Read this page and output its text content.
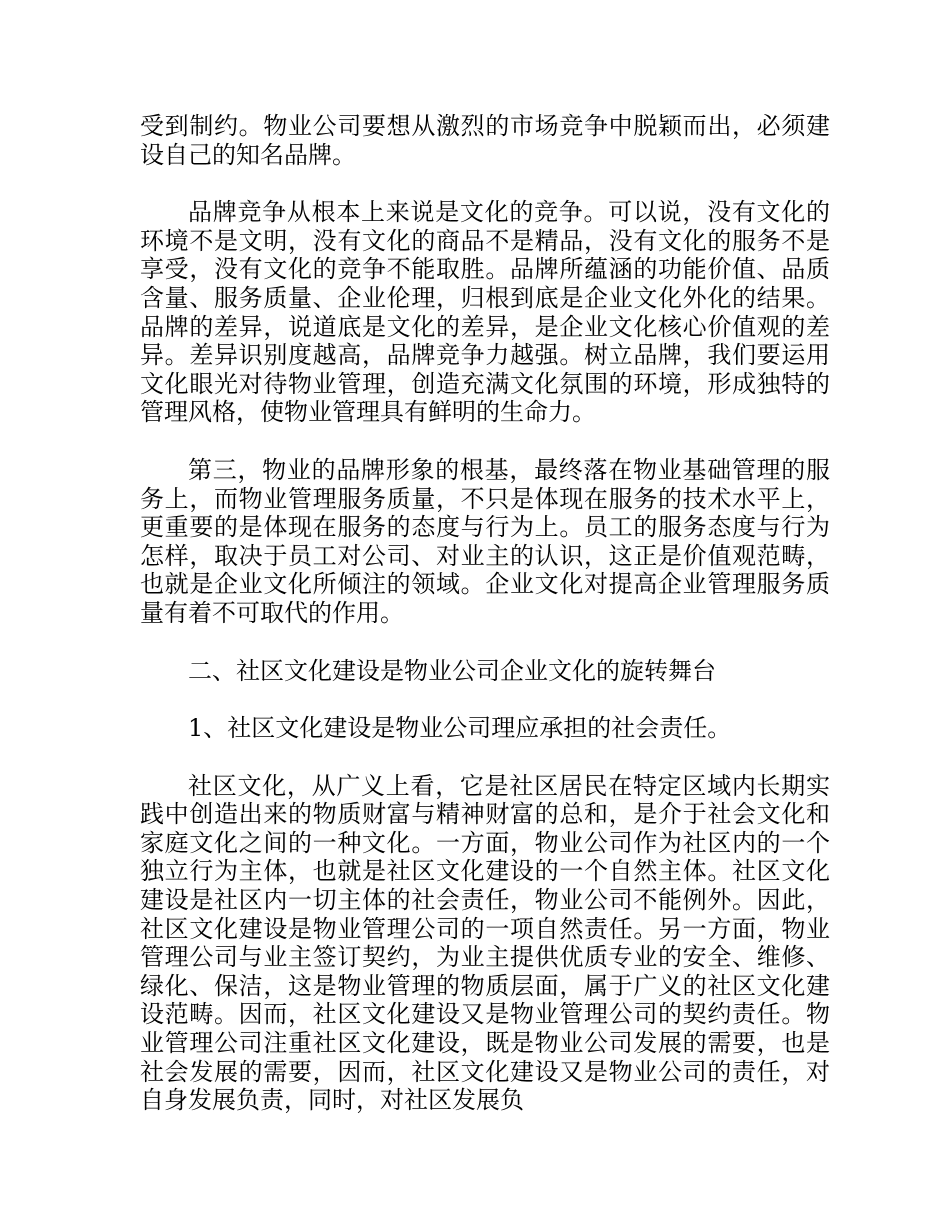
受到制约。物业公司要想从激烈的市场竞争中脱颖而出，必须建设自己的知名品牌。

品牌竞争从根本上来说是文化的竞争。可以说，没有文化的环境不是文明，没有文化的商品不是精品，没有文化的服务不是享受，没有文化的竞争不能取胜。品牌所蕴涵的功能价值、品质含量、服务质量、企业伦理，归根到底是企业文化外化的结果。品牌的差异，说道底是文化的差异，是企业文化核心价值观的差异。差异识别度越高，品牌竞争力越强。树立品牌，我们要运用文化眼光对待物业管理，创造充满文化氛围的环境，形成独特的管理风格，使物业管理具有鲜明的生命力。

第三，物业的品牌形象的根基，最终落在物业基础管理的服务上，而物业管理服务质量，不只是体现在服务的技术水平上，更重要的是体现在服务的态度与行为上。员工的服务态度与行为怎样，取决于员工对公司、对业主的认识，这正是价值观范畴，也就是企业文化所倾注的领域。企业文化对提高企业管理服务质量有着不可取代的作用。

二、社区文化建设是物业公司企业文化的旋转舞台

1、社区文化建设是物业公司理应承担的社会责任。

社区文化，从广义上看，它是社区居民在特定区域内长期实践中创造出来的物质财富与精神财富的总和，是介于社会文化和家庭文化之间的一种文化。一方面，物业公司作为社区内的一个独立行为主体，也就是社区文化建设的一个自然主体。社区文化建设是社区内一切主体的社会责任，物业公司不能例外。因此，社区文化建设是物业管理公司的一项自然责任。另一方面，物业管理公司与业主签订契约，为业主提供优质专业的安全、维修、绿化、保洁，这是物业管理的物质层面，属于广义的社区文化建设范畴。因而，社区文化建设又是物业管理公司的契约责任。物业管理公司注重社区文化建设，既是物业公司发展的需要，也是社会发展的需要，因而，社区文化建设又是物业公司的责任，对自身发展负责，同时，对社区发展负
